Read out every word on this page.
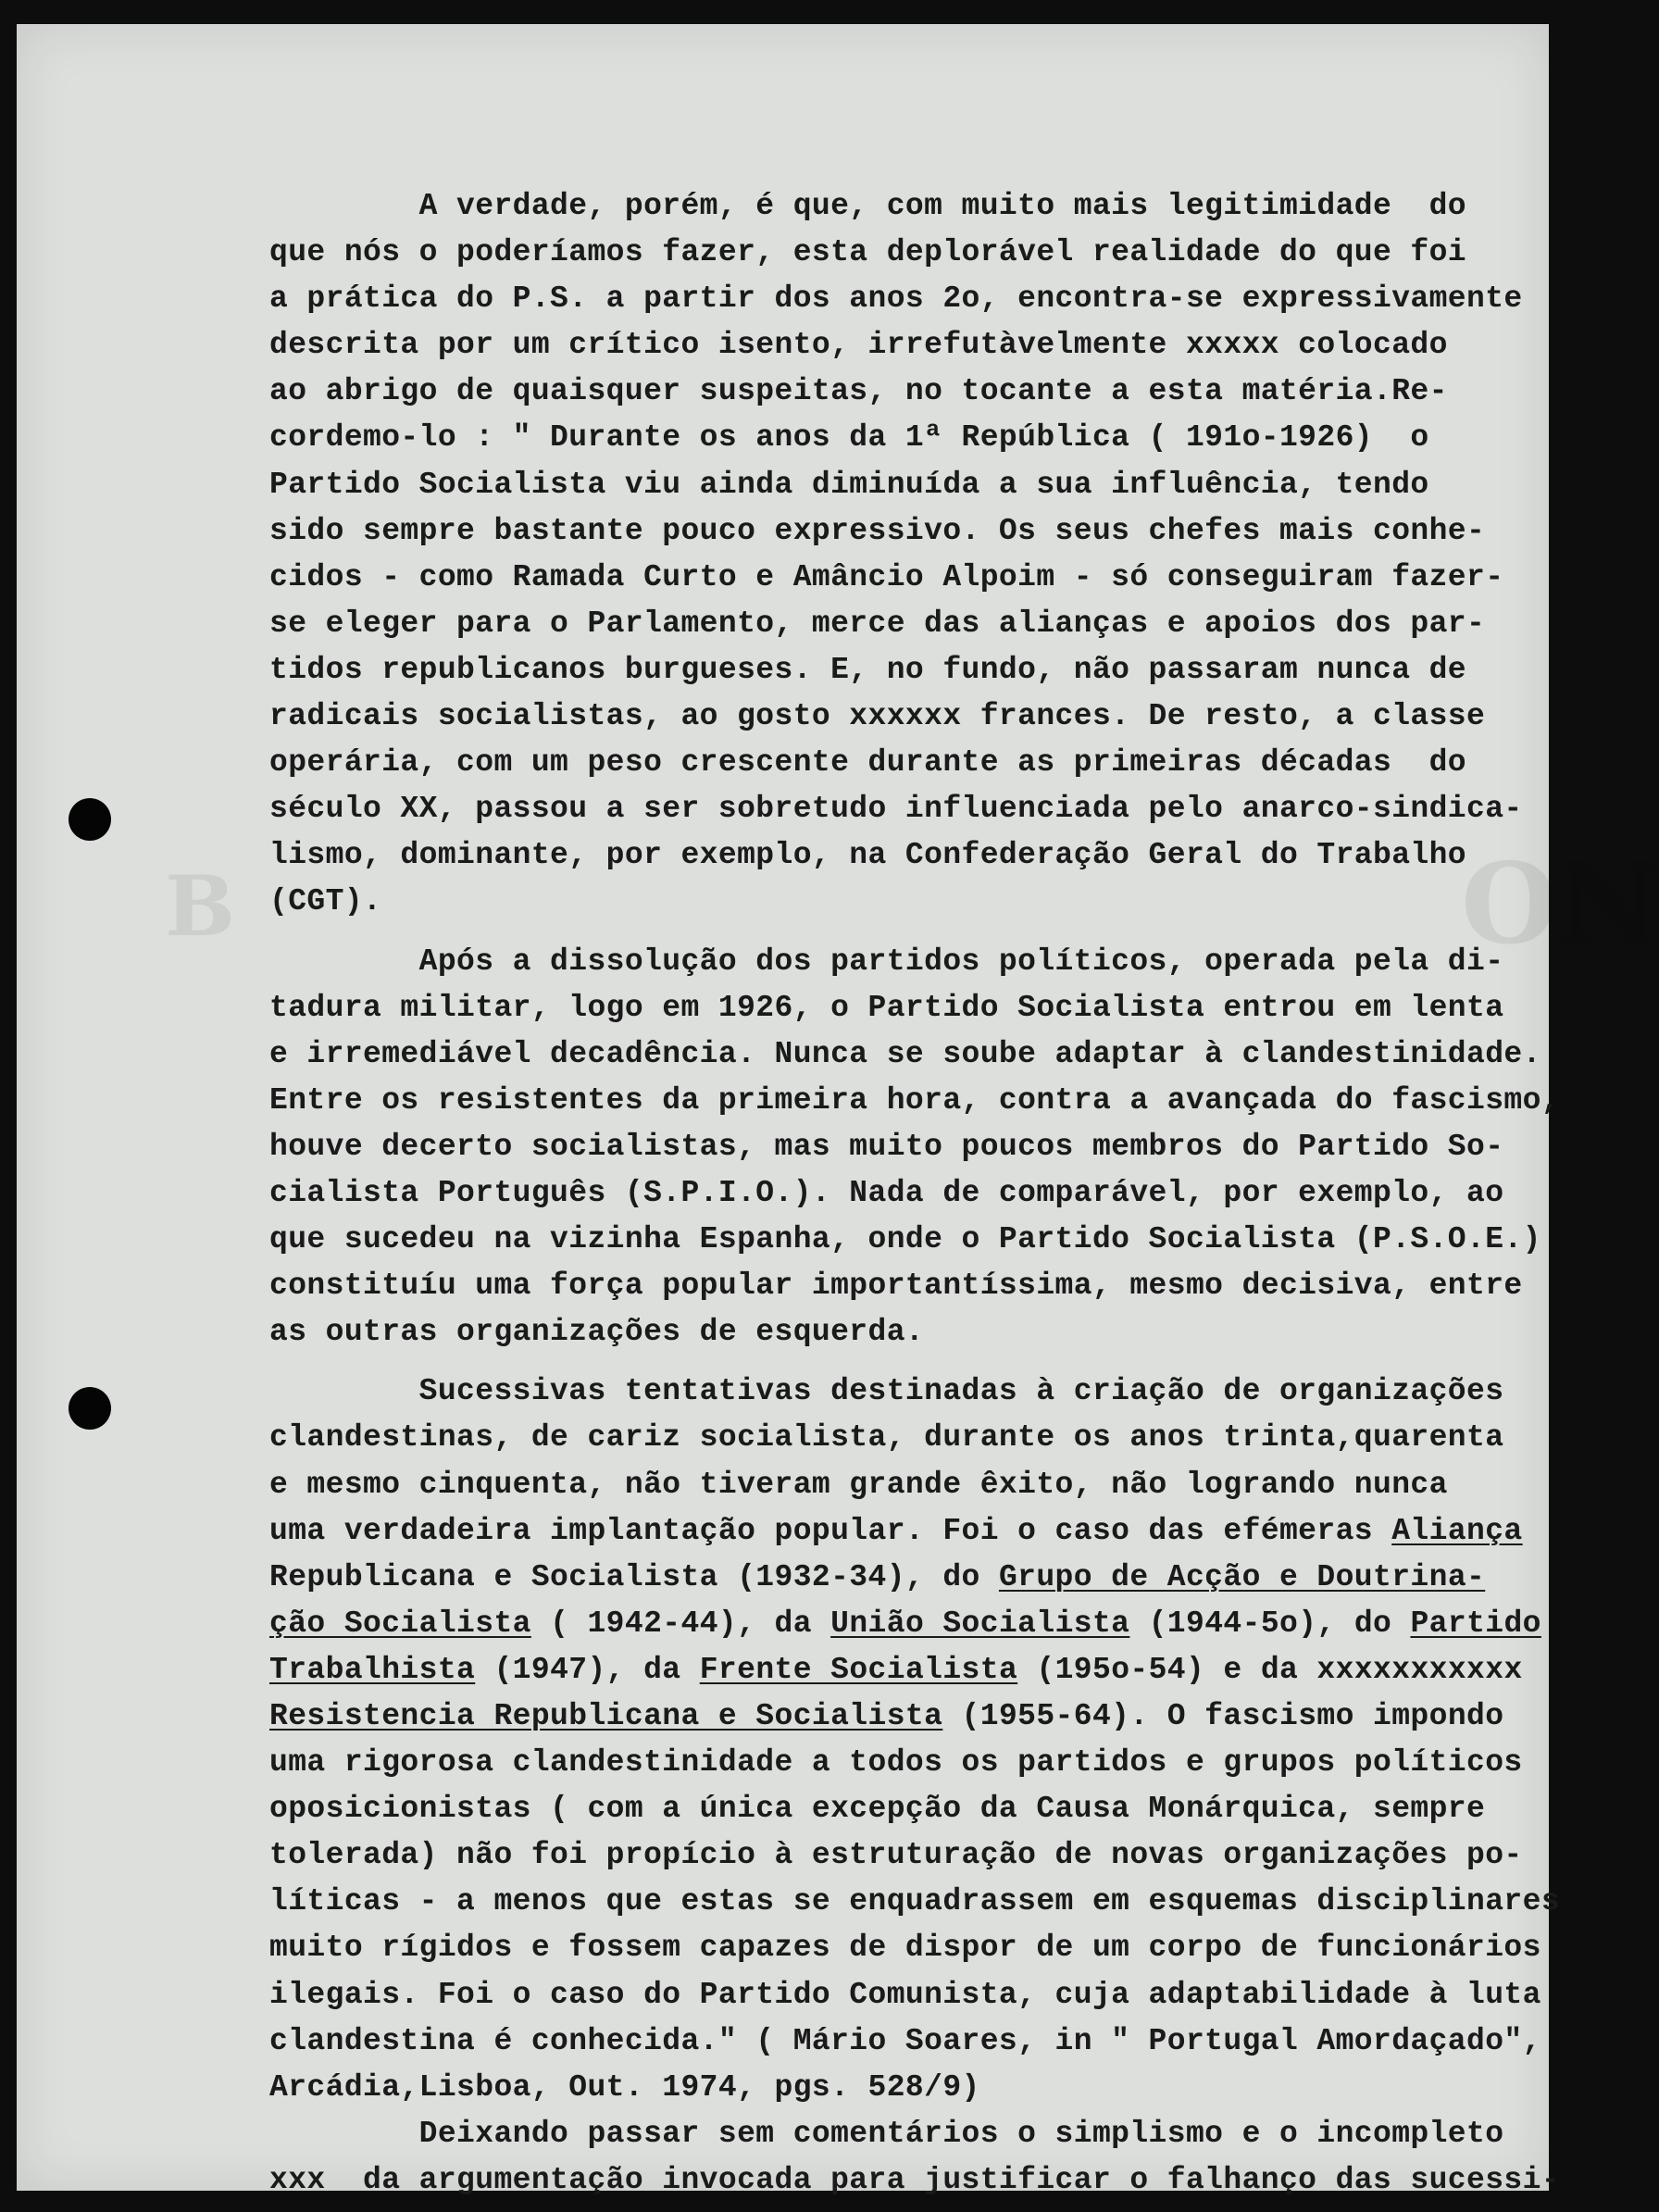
ON
B
A verdade, porém, é que, com muito mais legitimidade  do
que nós o poderíamos fazer, esta deplorável realidade do que foi
a prática do P.S. a partir dos anos 2o, encontra-se expressivamente
descrita por um crítico isento, irrefutàvelmente xxxxx colocado
ao abrigo de quaisquer suspeitas, no tocante a esta matéria.Re-
cordemo-lo : " Durante os anos da 1ª República ( 191o-1926)  o
Partido Socialista viu ainda diminuída a sua influência, tendo
sido sempre bastante pouco expressivo. Os seus chefes mais conhe-
cidos - como Ramada Curto e Amâncio Alpoim - só conseguiram fazer-
se eleger para o Parlamento, merce das alianças e apoios dos par-
tidos republicanos burgueses. E, no fundo, não passaram nunca de
radicais socialistas, ao gosto xxxxxx frances. De resto, a classe
operária, com um peso crescente durante as primeiras décadas  do
século XX, passou a ser sobretudo influenciada pelo anarco-sindica-
lismo, dominante, por exemplo, na Confederação Geral do Trabalho
(CGT).
Após a dissolução dos partidos políticos, operada pela di-
tadura militar, logo em 1926, o Partido Socialista entrou em lenta
e irremediável decadência. Nunca se soube adaptar à clandestinidade.
Entre os resistentes da primeira hora, contra a avançada do fascismo,
houve decerto socialistas, mas muito poucos membros do Partido So-
cialista Português (S.P.I.O.). Nada de comparável, por exemplo, ao
que sucedeu na vizinha Espanha, onde o Partido Socialista (P.S.O.E.)
constituíu uma força popular importantíssima, mesmo decisiva, entre
as outras organizações de esquerda.
Sucessivas tentativas destinadas à criação de organizações
clandestinas, de cariz socialista, durante os anos trinta,quarenta
e mesmo cinquenta, não tiveram grande êxito, não logrando nunca
uma verdadeira implantação popular. Foi o caso das efémeras Aliança
Republicana e Socialista (1932-34), do Grupo de Acção e Doutrina-
ção Socialista ( 1942-44), da União Socialista (1944-5o), do Partido
Trabalhista (1947), da Frente Socialista (195o-54) e da xxxxxxxxxxx
Resistencia Republicana e Socialista (1955-64). O fascismo impondo
uma rigorosa clandestinidade a todos os partidos e grupos políticos
oposicionistas ( com a única excepção da Causa Monárquica, sempre
tolerada) não foi propício à estruturação de novas organizações po-
líticas - a menos que estas se enquadrassem em esquemas disciplinares
muito rígidos e fossem capazes de dispor de um corpo de funcionários
ilegais. Foi o caso do Partido Comunista, cuja adaptabilidade à luta
clandestina é conhecida." ( Mário Soares, in " Portugal Amordaçado",
Arcádia,Lisboa, Out. 1974, pgs. 528/9)
Deixando passar sem comentários o simplismo e o incompleto
xxx  da argumentação invocada para justificar o falhanço das sucessi-
